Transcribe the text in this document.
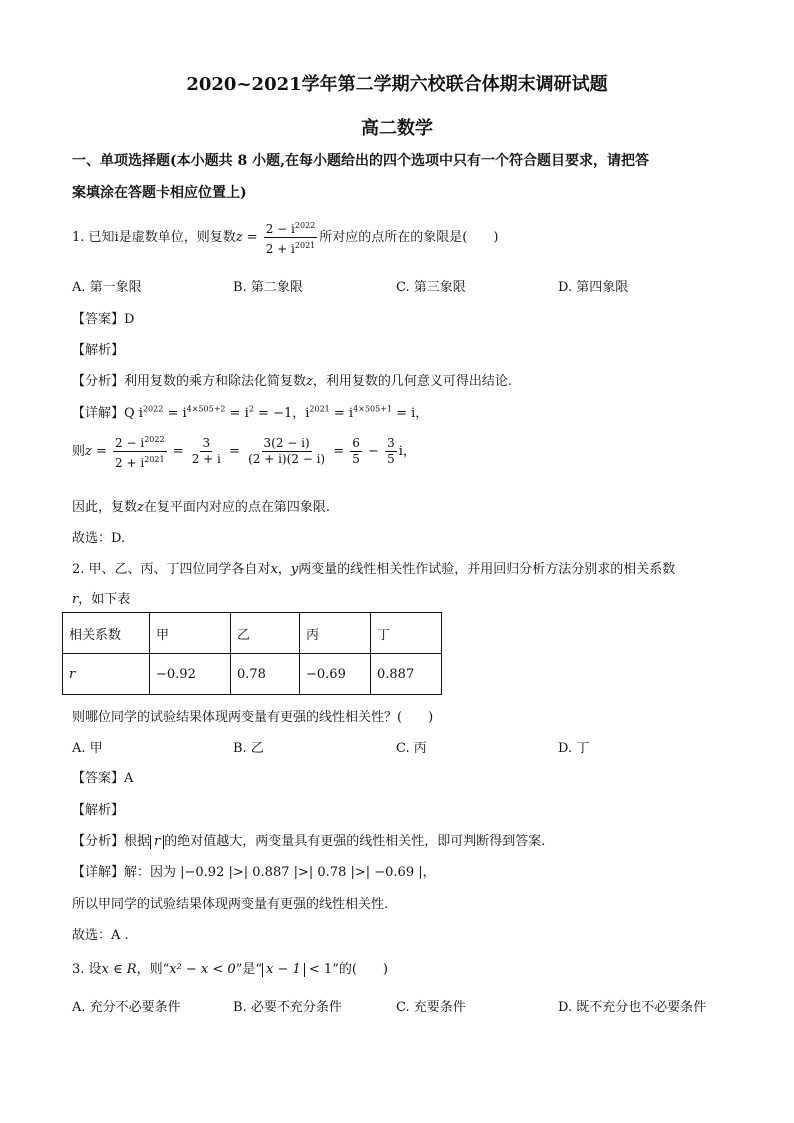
2020~2021学年第二学期六校联合体期末调研试题
高二数学
一、单项选择题(本小题共 8 小题,在每小题给出的四个选项中只有一个符合题目要求，请把答
案填涂在答题卡相应位置上)
1. 已知i是虚数单位，则复数$z = \frac{2 - i^{2022}}{2 + i^{2021}}$ 所对应的点所在的象限是(　　)
A. 第一象限	B. 第二象限	C. 第三象限	D. 第四象限
【答案】D
【解析】
【分析】利用复数的乘方和除法化简复数z，利用复数的几何意义可得出结论.
【详解】Q $i^{2022} = i^{4\times 505+2} = i^2 = -1$，$i^{2021} = i^{4\times 505+1} = i$，
则$z = \frac{2 - i^{2022}}{2 + i^{2021}} = \frac{3}{2 + i} = \frac{3(2 - i)}{(2 + i)(2 - i)} = \frac{6}{5} - \frac{3}{5}$ i，
因此，复数z在复平面内对应的点在第四象限.
故选：D.
2. 甲、乙、丙、丁四位同学各自对x，y两变量的线性相关性作试验，并用回归分析方法分别求的相关系数
r，如下表
相关系数	甲	乙	丙	丁
r	−0.92	0.78	−0.69	0.887
则哪位同学的试验结果体现两变量有更强的线性相关性？(　　)
A. 甲	B. 乙	C. 丙	D. 丁
【答案】A
【解析】
【分析】根据 r 的绝对值越大，两变量具有更强的线性相关性，即可判断得到答案.
【详解】解：因为 |−0.92 |>| 0.887 |>| 0.78 |>| −0.69 |，
所以甲同学的试验结果体现两变量有更强的线性相关性.
故选：A .
3. 设x ∈ R，则“x² − x < 0”是“ x − 1 < 1”的(　　)
A. 充分不必要条件	B. 必要不充分条件	C. 充要条件	D. 既不充分也不必要条件
